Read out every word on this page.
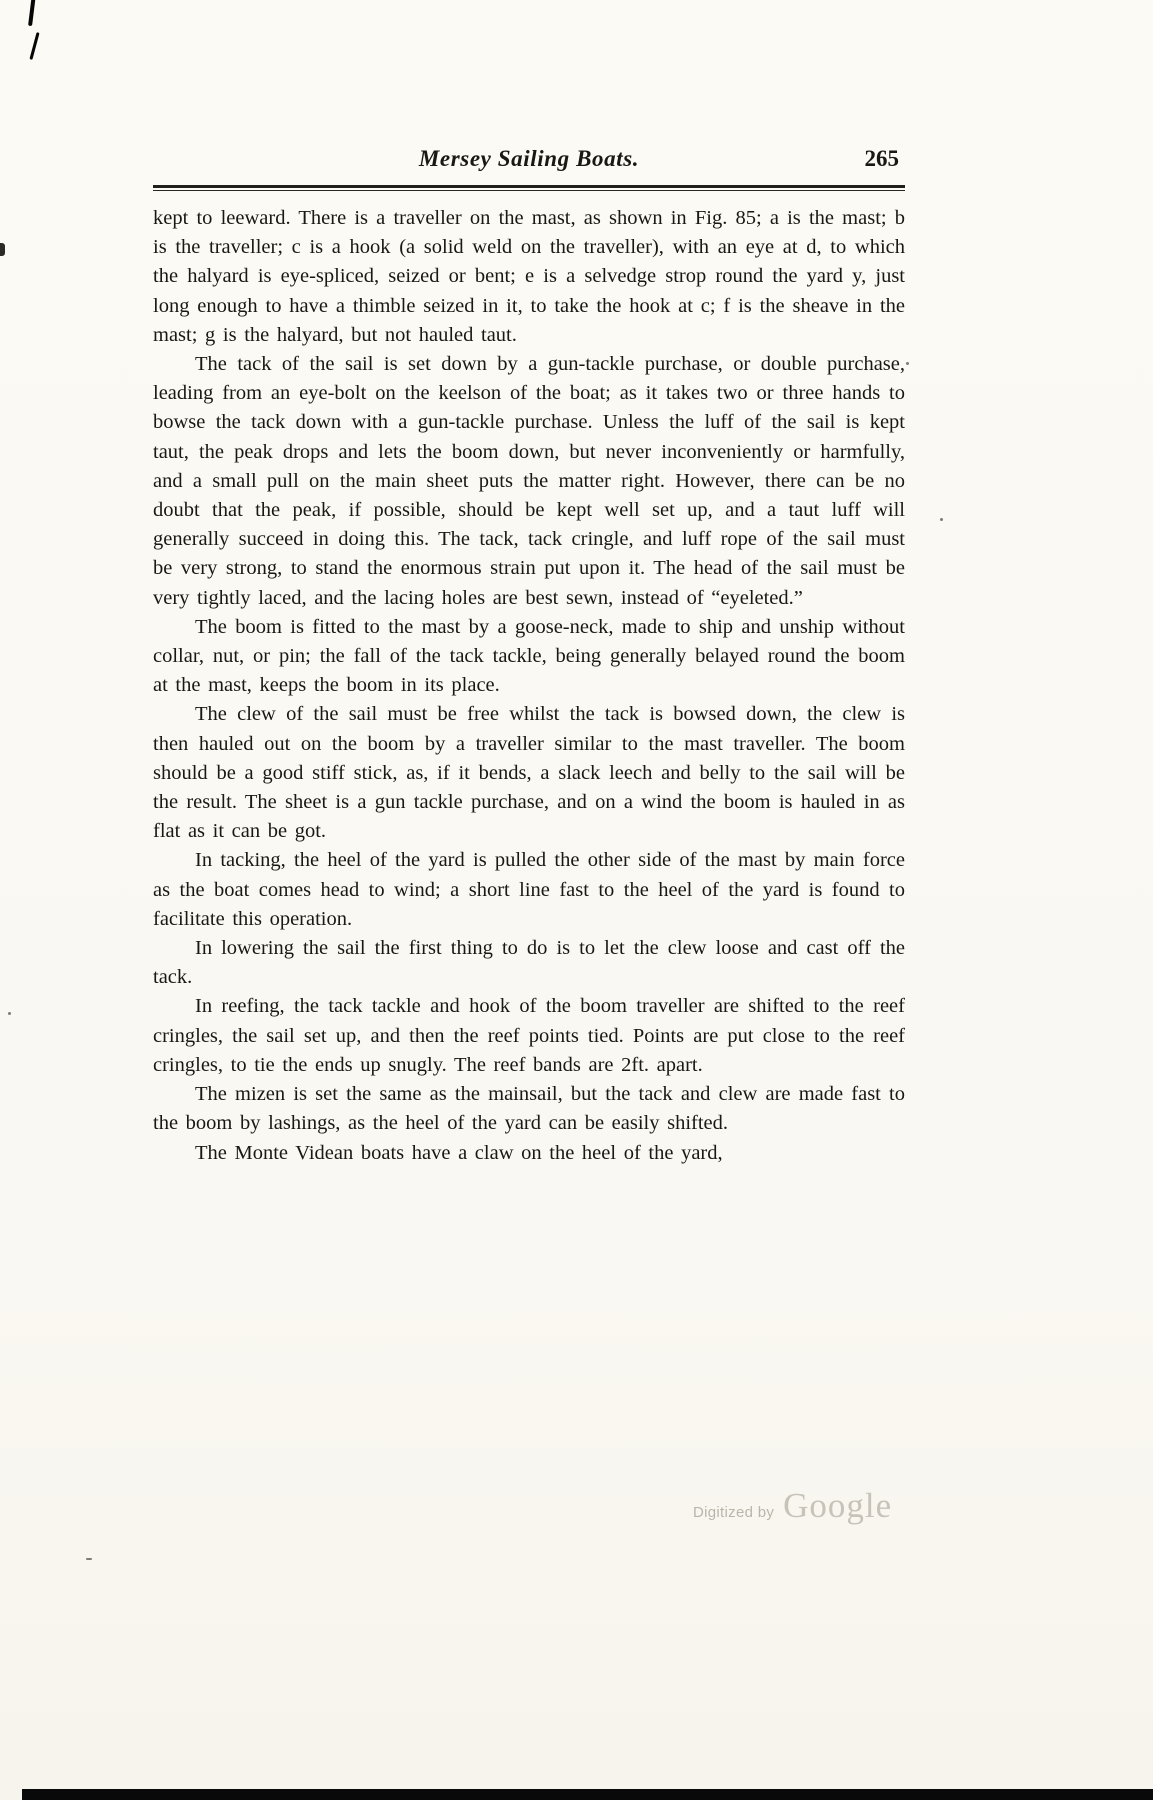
Mersey Sailing Boats.	265

kept to leeward. There is a traveller on the mast, as shown in Fig. 85; a is the mast; b is the traveller; c is a hook (a solid weld on the traveller), with an eye at d, to which the halyard is eye-spliced, seized or bent; e is a selvedge strop round the yard y, just long enough to have a thimble seized in it, to take the hook at c; f is the sheave in the mast; g is the halyard, but not hauled taut.

The tack of the sail is set down by a gun-tackle purchase, or double purchase, leading from an eye-bolt on the keelson of the boat; as it takes two or three hands to bowse the tack down with a gun-tackle purchase. Unless the luff of the sail is kept taut, the peak drops and lets the boom down, but never inconveniently or harmfully, and a small pull on the main sheet puts the matter right. However, there can be no doubt that the peak, if possible, should be kept well set up, and a taut luff will generally succeed in doing this. The tack, tack cringle, and luff rope of the sail must be very strong, to stand the enormous strain put upon it. The head of the sail must be very tightly laced, and the lacing holes are best sewn, instead of “eyeleted.”

The boom is fitted to the mast by a goose-neck, made to ship and unship without collar, nut, or pin; the fall of the tack tackle, being generally belayed round the boom at the mast, keeps the boom in its place.

The clew of the sail must be free whilst the tack is bowsed down, the clew is then hauled out on the boom by a traveller similar to the mast traveller. The boom should be a good stiff stick, as, if it bends, a slack leech and belly to the sail will be the result. The sheet is a gun tackle purchase, and on a wind the boom is hauled in as flat as it can be got.

In tacking, the heel of the yard is pulled the other side of the mast by main force as the boat comes head to wind; a short line fast to the heel of the yard is found to facilitate this operation.

In lowering the sail the first thing to do is to let the clew loose and cast off the tack.

In reefing, the tack tackle and hook of the boom traveller are shifted to the reef cringles, the sail set up, and then the reef points tied. Points are put close to the reef cringles, to tie the ends up snugly. The reef bands are 2ft. apart.

The mizen is set the same as the mainsail, but the tack and clew are made fast to the boom by lashings, as the heel of the yard can be easily shifted.

The Monte Videan boats have a claw on the heel of the yard,

Digitized by Google
